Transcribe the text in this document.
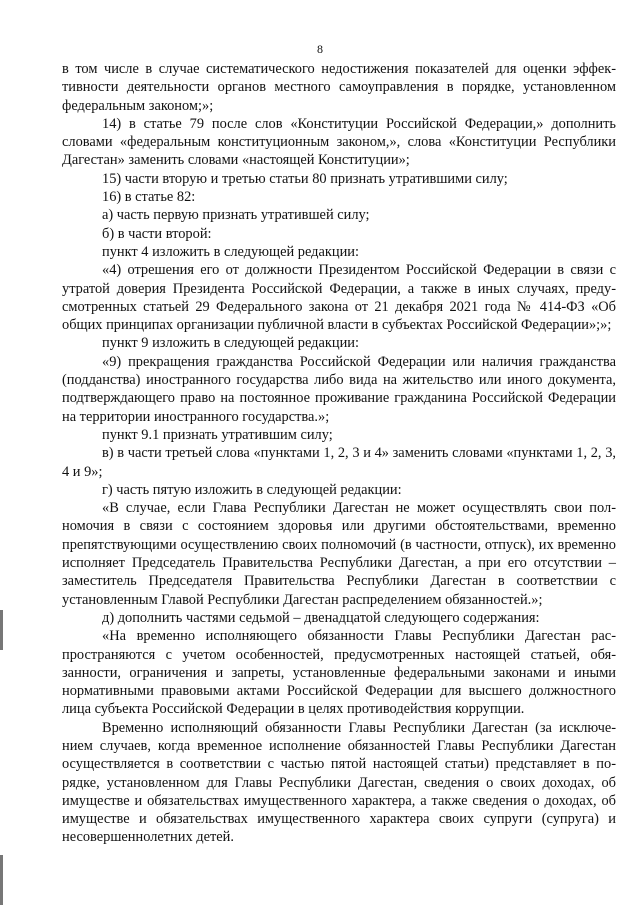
8

в том числе в случае систематического недостижения показателей для оценки эффективности деятельности органов местного самоуправления в порядке, установленном федеральным законом;»;

14) в статье 79 после слов «Конституции Российской Федерации,» дополнить словами «федеральным конституционным законом,», слова «Конституции Республики Дагестан» заменить словами «настоящей Конституции»;

15) части вторую и третью статьи 80 признать утратившими силу;

16) в статье 82:

а) часть первую признать утратившей силу;

б) в части второй:

пункт 4 изложить в следующей редакции:

«4) отрешения его от должности Президентом Российской Федерации в связи с утратой доверия Президента Российской Федерации, а также в иных случаях, предусмотренных статьей 29 Федерального закона от 21 декабря 2021 года № 414-ФЗ «Об общих принципах организации публичной власти в субъектах Российской Федерации»;»;

пункт 9 изложить в следующей редакции:

«9) прекращения гражданства Российской Федерации или наличия гражданства (подданства) иностранного государства либо вида на жительство или иного документа, подтверждающего право на постоянное проживание гражданина Российской Федерации на территории иностранного государства.»;

пункт 9.1 признать утратившим силу;

в) в части третьей слова «пунктами 1, 2, 3 и 4» заменить словами «пунктами 1, 2, 3, 4 и 9»;

г) часть пятую изложить в следующей редакции:

«В случае, если Глава Республики Дагестан не может осуществлять свои полномочия в связи с состоянием здоровья или другими обстоятельствами, временно препятствующими осуществлению своих полномочий (в частности, отпуск), их временно исполняет Председатель Правительства Республики Дагестан, а при его отсутствии – заместитель Председателя Правительства Республики Дагестан в соответствии с установленным Главой Республики Дагестан распределением обязанностей.»;

д) дополнить частями седьмой – двенадцатой следующего содержания:

«На временно исполняющего обязанности Главы Республики Дагестан распространяются с учетом особенностей, предусмотренных настоящей статьей, обязанности, ограничения и запреты, установленные федеральными законами и иными нормативными правовыми актами Российской Федерации для высшего должностного лица субъекта Российской Федерации в целях противодействия коррупции.

Временно исполняющий обязанности Главы Республики Дагестан (за исключением случаев, когда временное исполнение обязанностей Главы Республики Дагестан осуществляется в соответствии с частью пятой настоящей статьи) представляет в порядке, установленном для Главы Республики Дагестан, сведения о своих доходах, об имуществе и обязательствах имущественного характера, а также сведения о доходах, об имуществе и обязательствах имущественного характера своих супруги (супруга) и несовершеннолетних детей.
